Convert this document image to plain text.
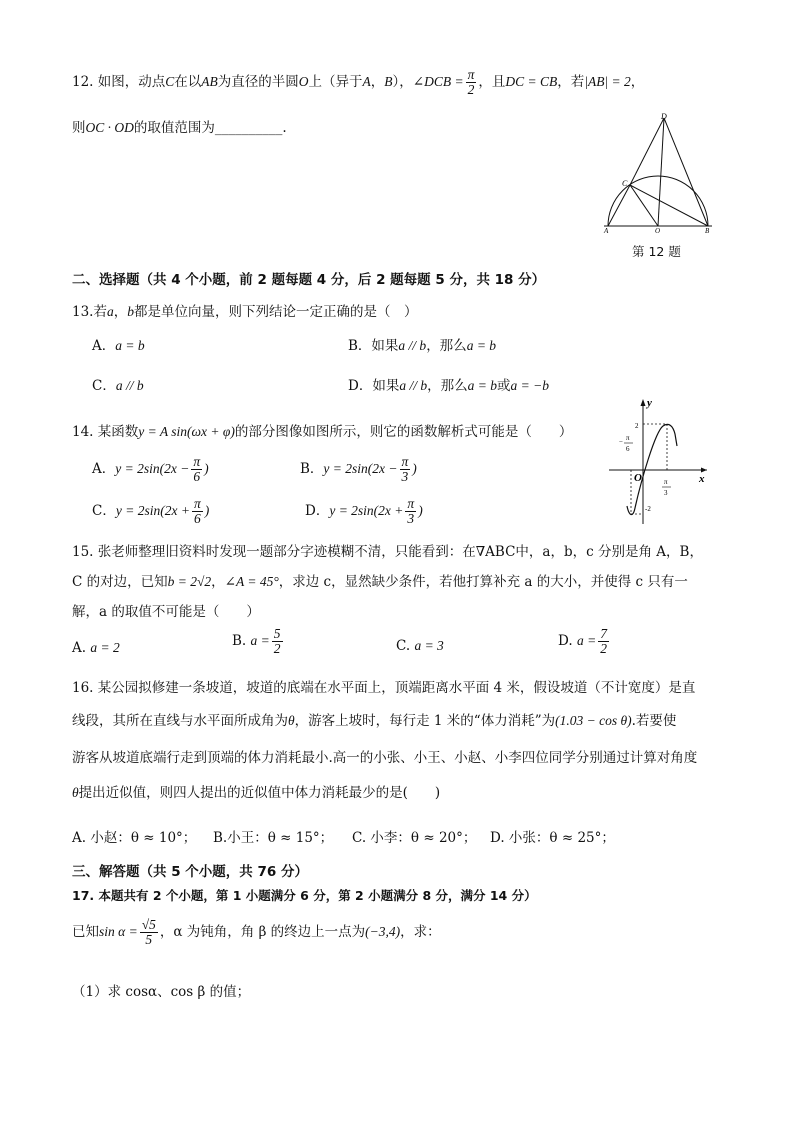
12. 如图，动点C在以AB为直径的半圆O上（异于A，B），∠DCB = $\frac{\pi}{2}$ ，且DC = CB，若|AB| = 2，
则OC · OD的取值范围为__________.
D
C
A	O	B
第 12 题
二、选择题（共 4 个小题，前 2 题每题 4 分，后 2 题每题 5 分，共 18 分）
13.若a，b都是单位向量，则下列结论一定正确的是（　）
A．a = b	B．如果a // b，那么a = b
C．a // b	D．如果a // b，那么a = b或a = −b
14. 某函数y = A sin(ωx + φ)的部分图像如图所示，则它的函数解析式可能是（　　）
A．$y = 2\sin(2x - \frac{\pi}{6}$ )	B．$y = 2\sin(2x - \frac{\pi}{3}$ )
C．$y = 2\sin(2x + \frac{\pi}{6}$ )	D．$y = 2\sin(2x + \frac{\pi}{3}$ )
y
x
O
2
-2
− π
6
π
3
15. 张老师整理旧资料时发现一题部分字迹模糊不清，只能看到：在∇ABC中，a，b，c 分别是角 A，B，
C 的对边，已知b = 2√2，∠A = 45°，求边 c，显然缺少条件，若他打算补充 a 的大小，并使得 c 只有一
解，a 的取值不可能是（　　）
A. a = 2	B. $a = \frac{5}{2}$	C. a = 3	D. $a = \frac{7}{2}$
16. 某公园拟修建一条坡道，坡道的底端在水平面上，顶端距离水平面 4 米，假设坡道（不计宽度）是直
线段，其所在直线与水平面所成角为θ，游客上坡时，每行走 1 米的“体力消耗”为(1.03 − cos θ).若要使
游客从坡道底端行走到顶端的体力消耗最小.高一的小张、小王、小赵、小李四位同学分别通过计算对角度
θ提出近似值，则四人提出的近似值中体力消耗最少的是(　　)
A. 小赵：θ ≈ 10°； B.小王：θ ≈ 15°； C. 小李：θ ≈ 20°； D. 小张：θ ≈ 25°；
三、解答题（共 5 个小题，共 76 分）
17. 本题共有 2 个小题，第 1 小题满分 6 分，第 2 小题满分 8 分，满分 14 分）
已知$\sin \alpha = \frac{√5}{5}$ ，α 为钝角，角 β 的终边上一点为(−3,4)，求：
（1）求 cosα、cos β 的值；
